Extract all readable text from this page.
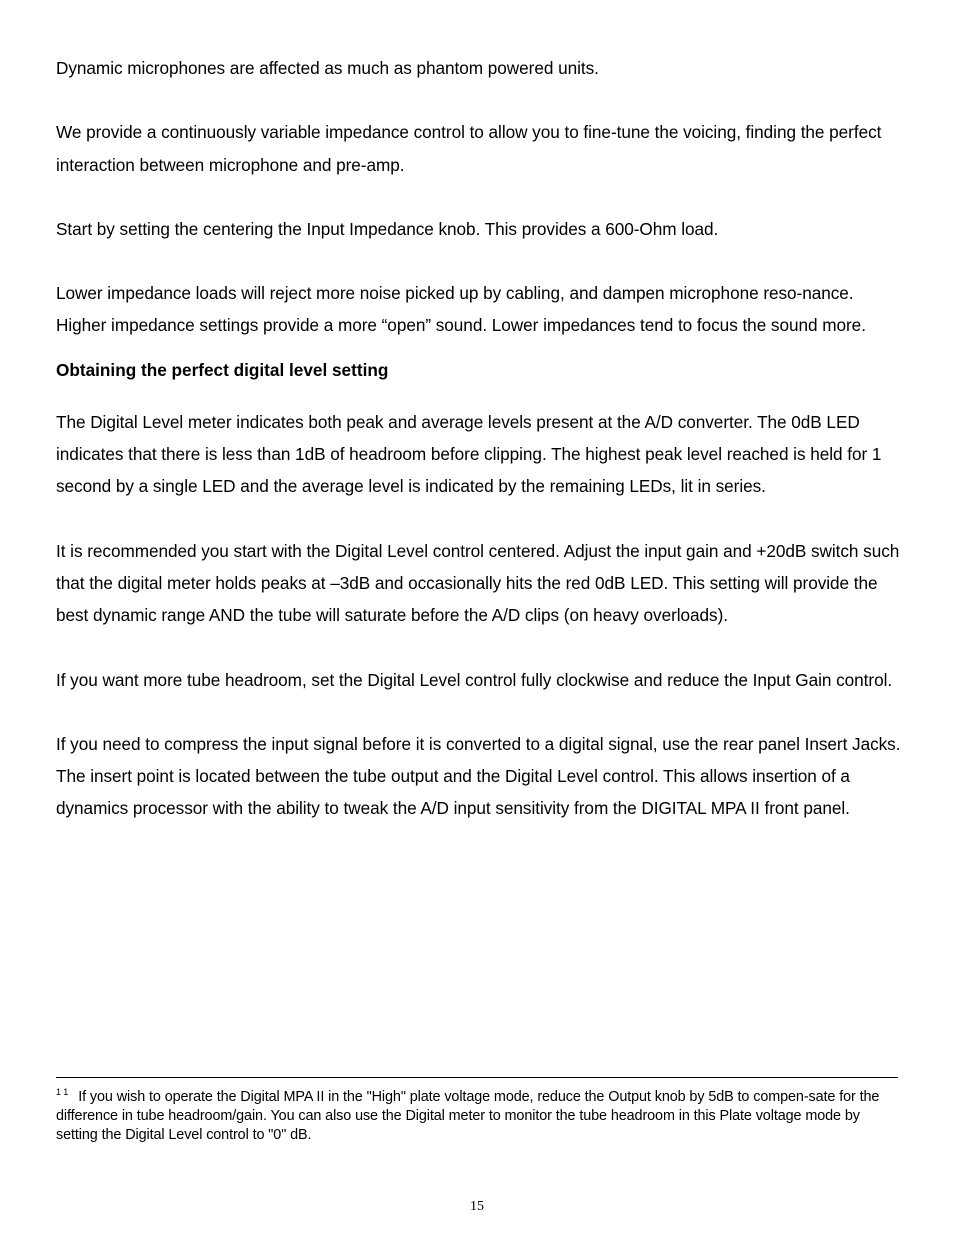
Dynamic microphones are affected as much as phantom powered units.

We provide a continuously variable impedance control to allow you to fine-tune the voicing, finding the perfect interaction between microphone and pre-amp.

Start by setting the centering the Input Impedance knob. This provides a 600-Ohm load.

Lower impedance loads will reject more noise picked up by cabling, and dampen microphone reso-nance. Higher impedance settings provide a more “open” sound. Lower impedances tend to focus the sound more.

Obtaining the perfect digital level setting

The Digital Level meter indicates both peak and average levels present at the A/D converter. The 0dB LED indicates that there is less than 1dB of headroom before clipping. The highest peak level reached is held for 1 second by a single LED and the average level is indicated by the remaining LEDs, lit in series.

It is recommended you start with the Digital Level control centered. Adjust the input gain and +20dB switch such that the digital meter holds peaks at –3dB and occasionally hits the red 0dB LED. This setting will provide the best dynamic range AND the tube will saturate before the A/D clips (on heavy overloads).

If you want more tube headroom, set the Digital Level control fully clockwise and reduce the Input Gain control.

If you need to compress the input signal before it is converted to a digital signal, use the rear panel Insert Jacks. The insert point is located between the tube output and the Digital Level control. This allows insertion of a dynamics processor with the ability to tweak the A/D input sensitivity from the DIGITAL MPA II front panel.

$^{1 1}$ If you wish to operate the Digital MPA II in the "High" plate voltage mode, reduce the Output knob by 5dB to compen-sate for the difference in tube headroom/gain. You can also use the Digital meter to monitor the tube headroom in this Plate voltage mode by setting the Digital Level control to "0" dB.
15
